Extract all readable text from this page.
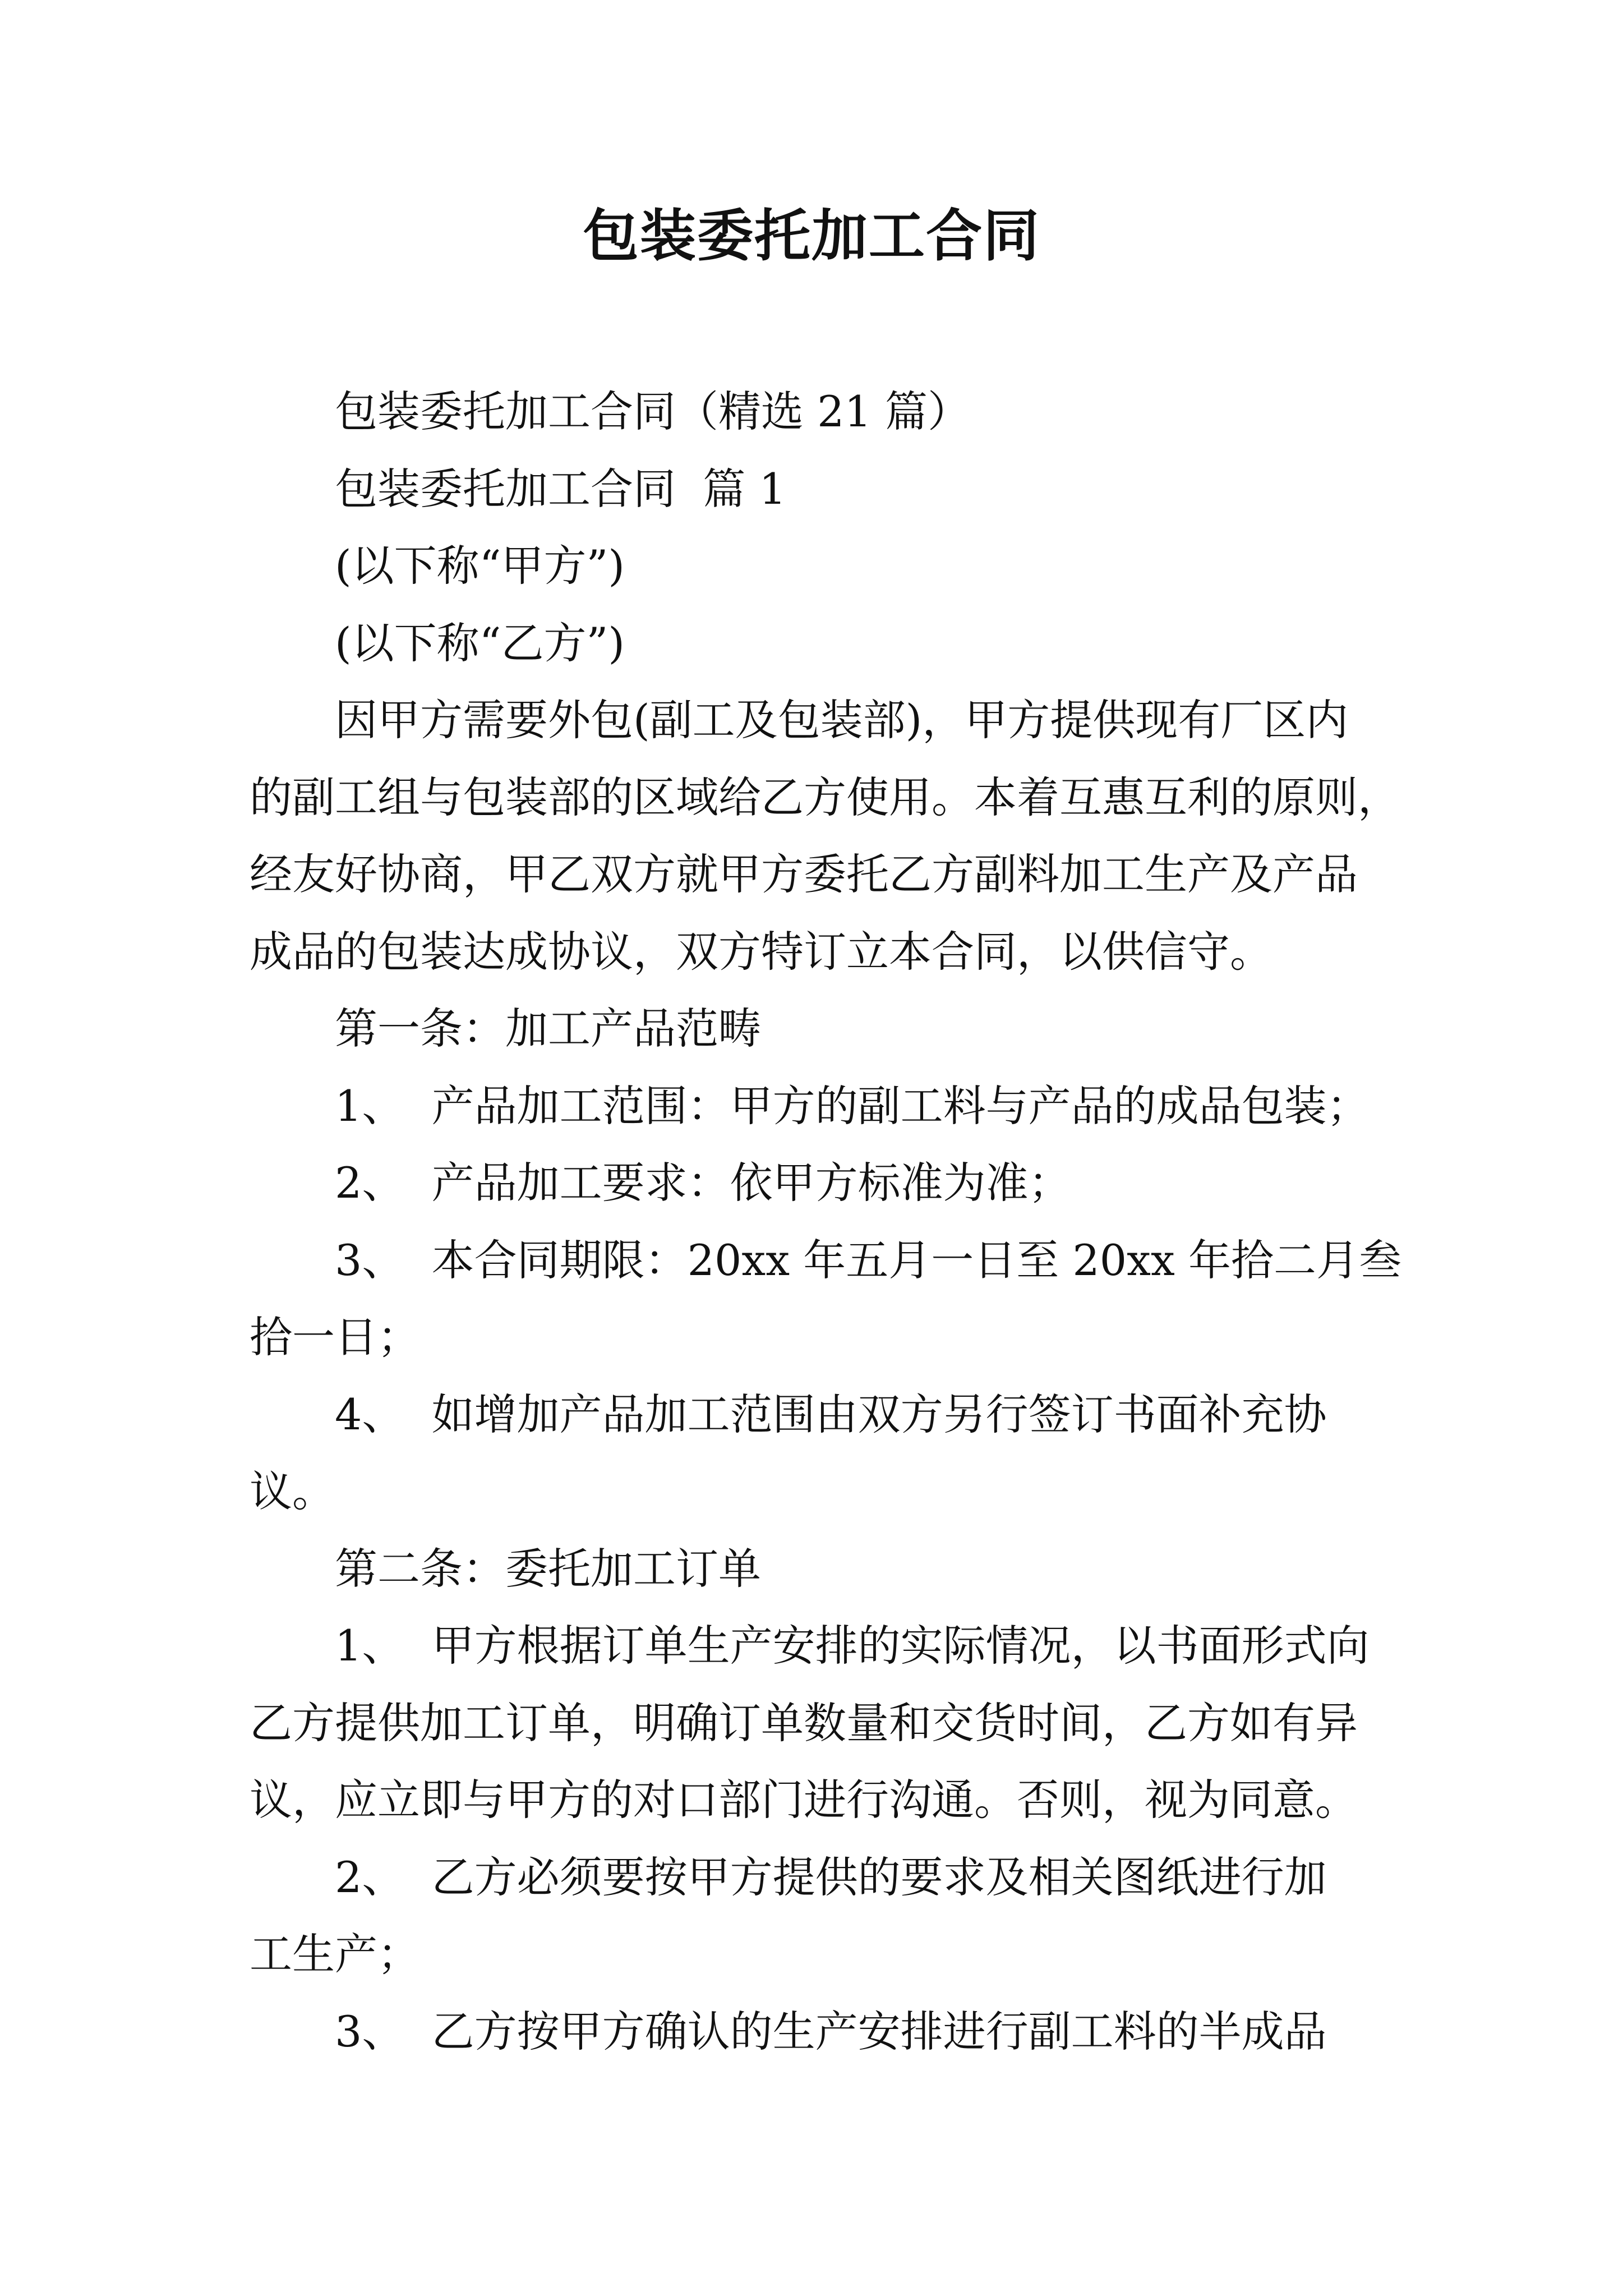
包装委托加工合同

包装委托加工合同（精选 21 篇）

包装委托加工合同  篇 1

(以下称“甲方”)

(以下称“乙方”)

因甲方需要外包(副工及包装部)，甲方提供现有厂区内

的副工组与包装部的区域给乙方使用。本着互惠互利的原则，

经友好协商，甲乙双方就甲方委托乙方副料加工生产及产品

成品的包装达成协议，双方特订立本合同，以供信守。

第一条：加工产品范畴

1、  产品加工范围：甲方的副工料与产品的成品包装；

2、  产品加工要求：依甲方标准为准；

3、  本合同期限：20xx 年五月一日至 20xx 年拾二月叁

拾一日；

4、  如增加产品加工范围由双方另行签订书面补充协

议。

第二条：委托加工订单

1、  甲方根据订单生产安排的实际情况，以书面形式向

乙方提供加工订单，明确订单数量和交货时间，乙方如有异

议，应立即与甲方的对口部门进行沟通。否则，视为同意。

2、  乙方必须要按甲方提供的要求及相关图纸进行加

工生产；

3、  乙方按甲方确认的生产安排进行副工料的半成品
